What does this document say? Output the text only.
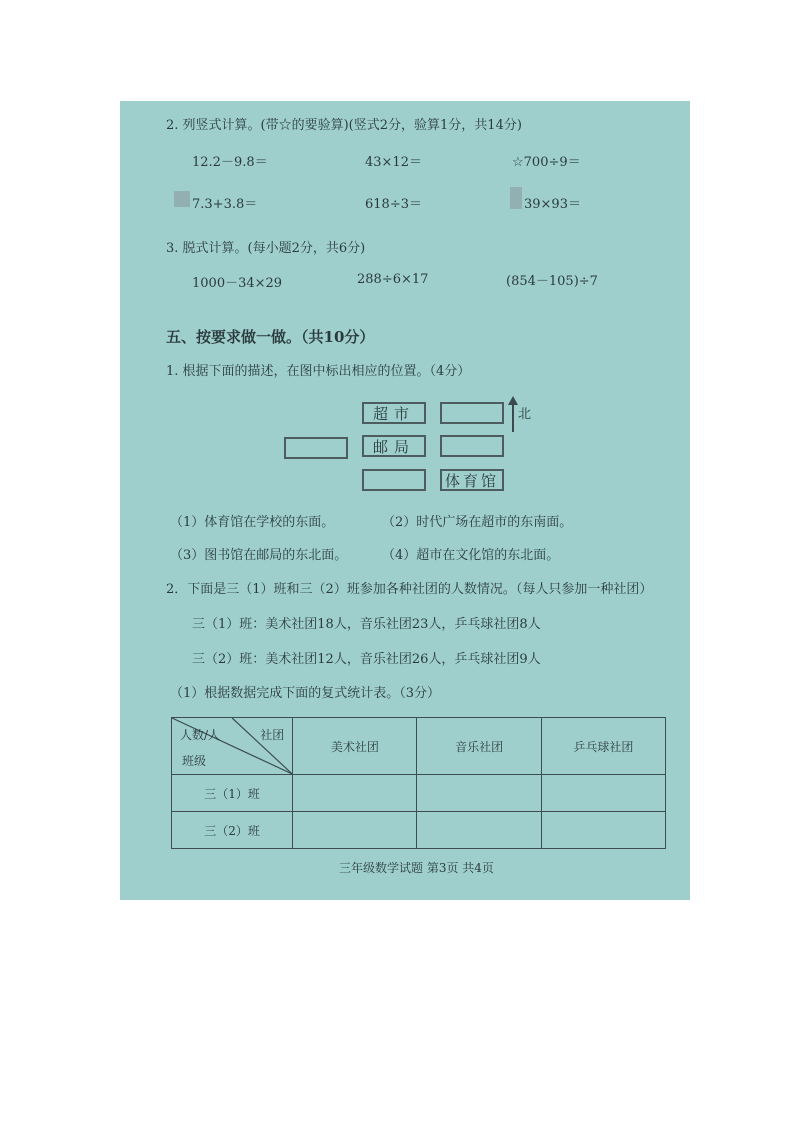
2. 列竖式计算。(带☆的要验算)(竖式2分，验算1分，共14分)
12.2－9.8＝	43×12＝	☆700÷9＝
7.3+3.8＝	618÷3＝	39×93＝
3. 脱式计算。(每小题2分，共6分)
1000－34×29	288÷6×17	(854－105)÷7
五、按要求做一做。（共10分）
1. 根据下面的描述，在图中标出相应的位置。（4分）
超市	北
邮局
体育馆
（1）体育馆在学校的东面。	（2）时代广场在超市的东南面。
（3）图书馆在邮局的东北面。	（4）超市在文化馆的东北面。
2．下面是三（1）班和三（2）班参加各种社团的人数情况。（每人只参加一种社团）
三（1）班：美术社团18人，音乐社团23人，乒乓球社团8人
三（2）班：美术社团12人，音乐社团26人，乒乓球社团9人
（1）根据数据完成下面的复式统计表。（3分）
人数/人 社团
班级	美术社团	音乐社团	乒乓球社团
三（1）班			
三（2）班			
三年级数学试题 第3页 共4页
